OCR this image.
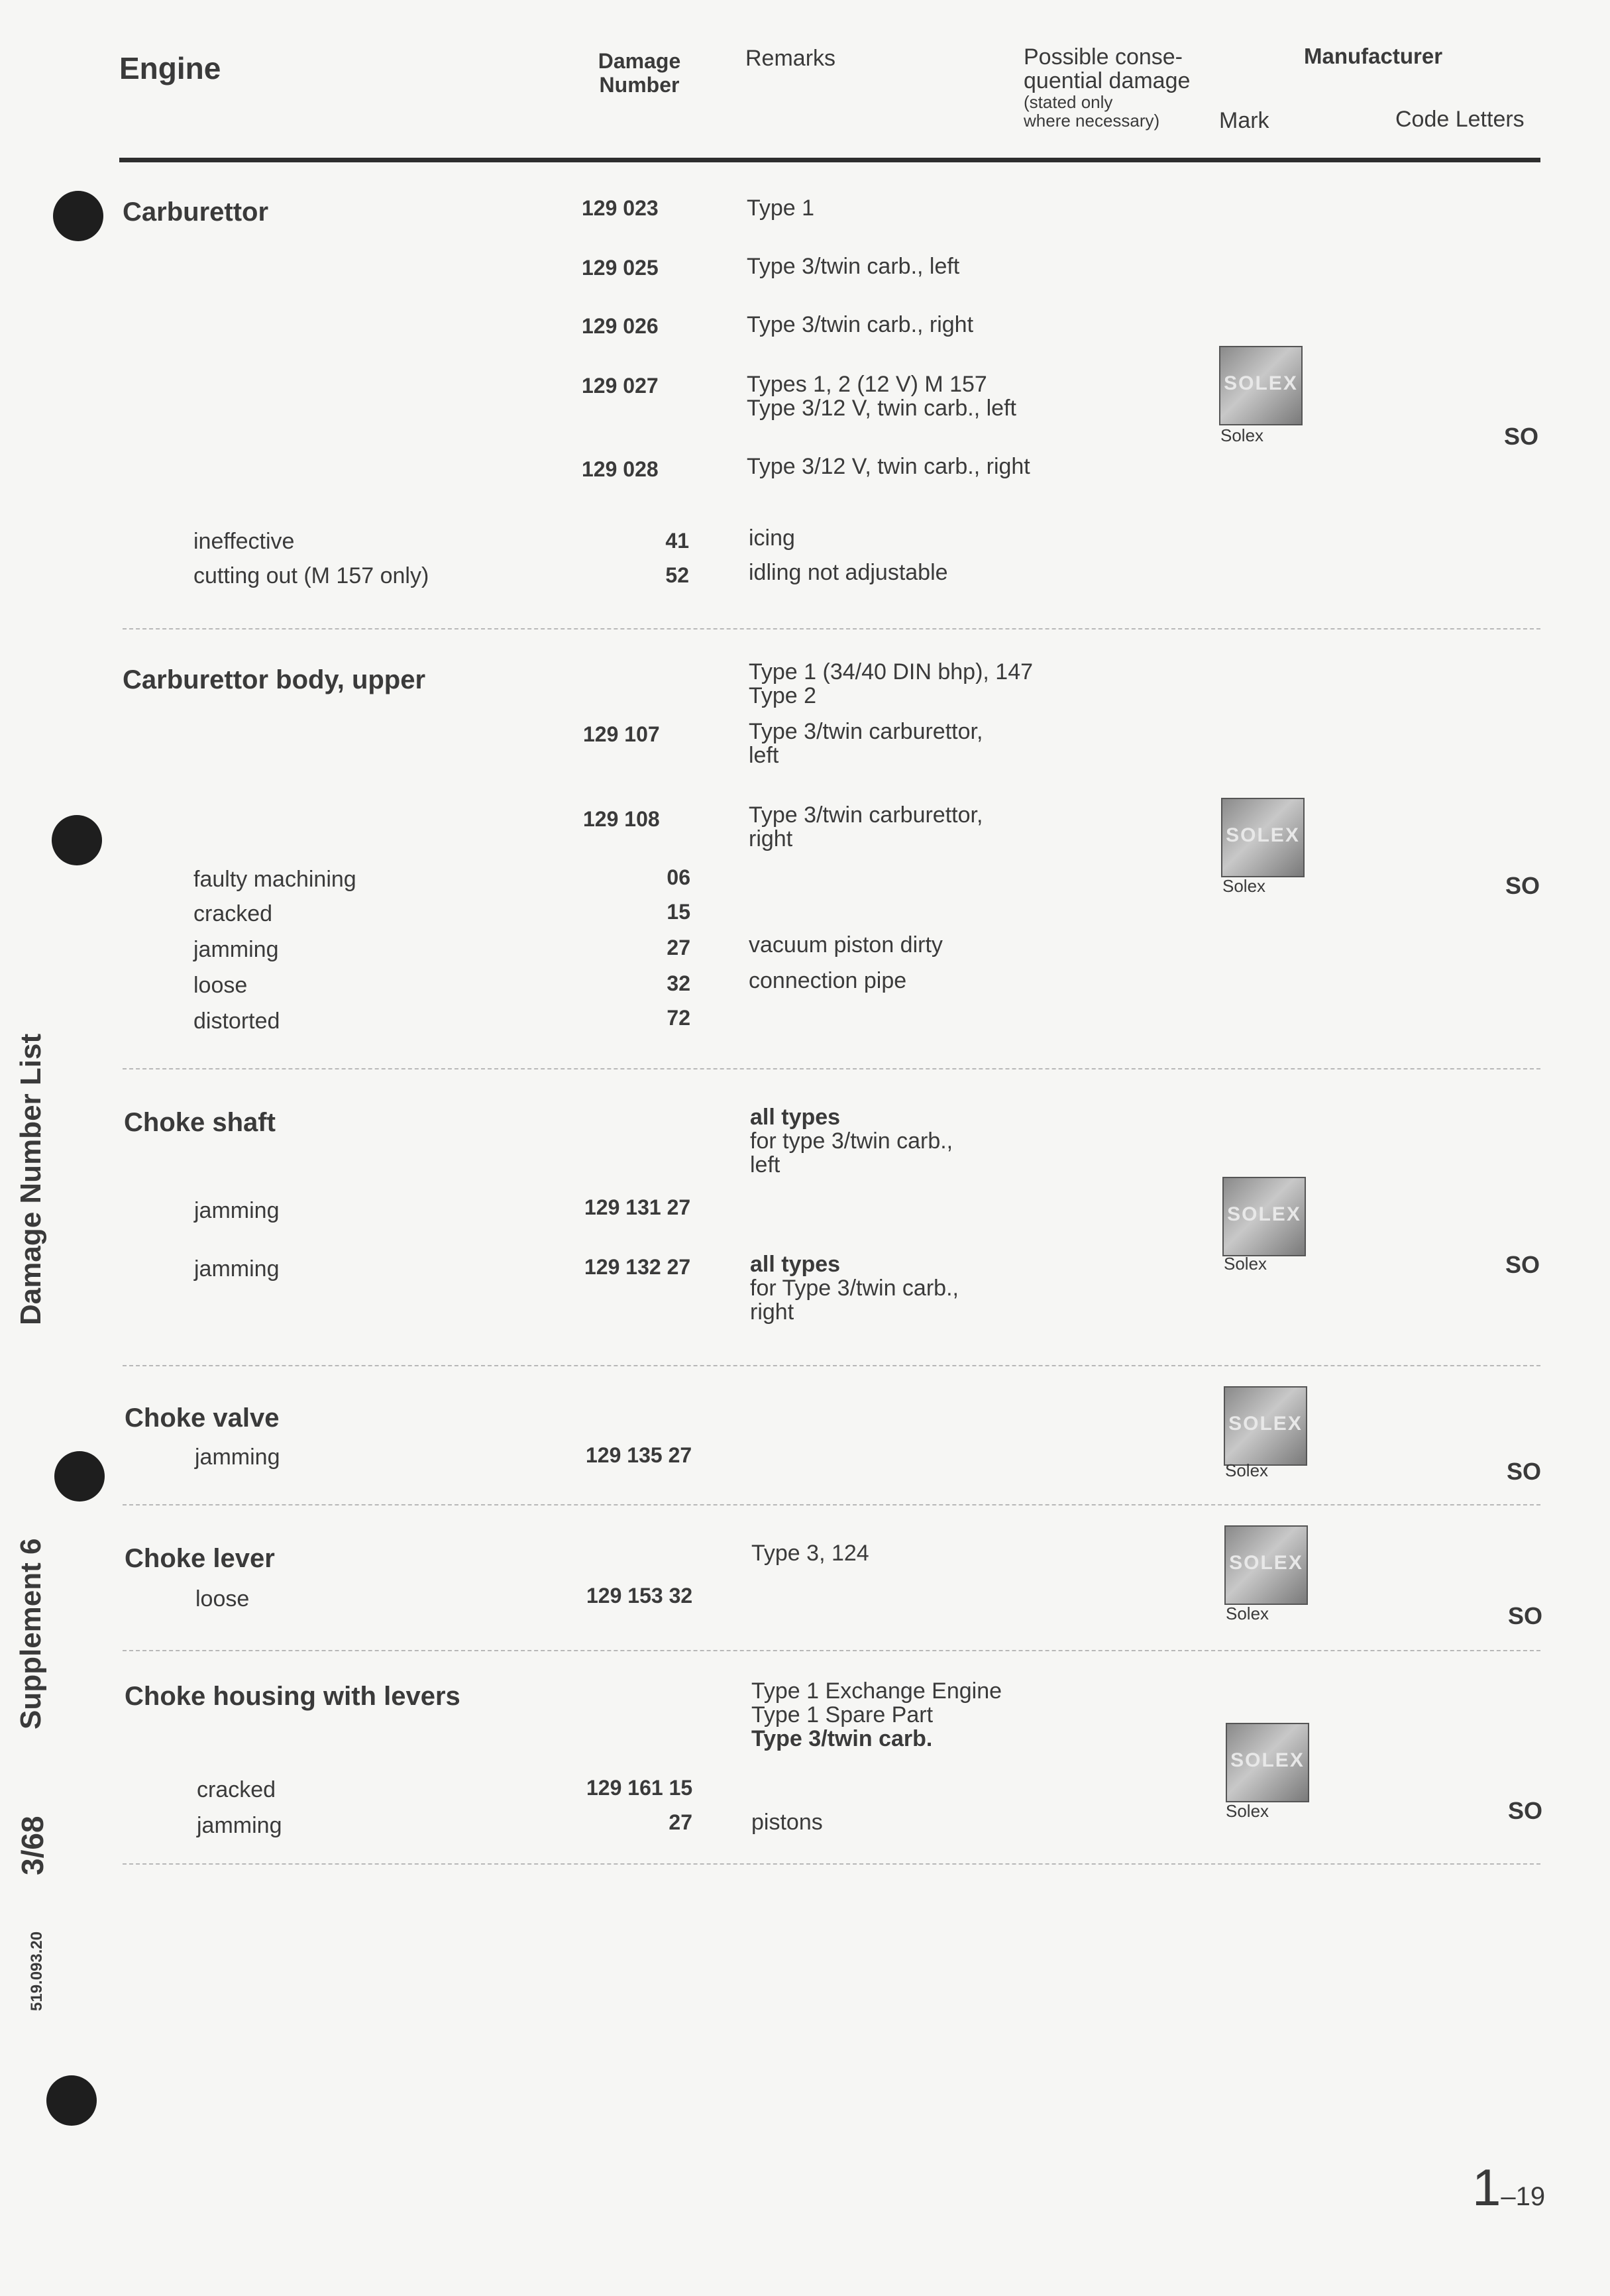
Engine	Damage
Number
Remarks	Possible conse-
quential damage
(stated only
where necessary)
Manufacturer
Mark	Code Letters
Damage Number List
Supplement 6
3/68
519.093.20
Carburettor	129 023	Type 1
129 025	Type 3/twin carb., left
129 026	Type 3/twin carb., right
129 027	Types 1, 2 (12 V) M 157
Type 3/12 V, twin carb., left
129 028	Type 3/12 V, twin carb., right
SOLEX
Solex	SO
ineffective	41	icing
cutting out (M 157 only)	52	idling not adjustable
Carburettor body, upper	Type 1 (34/40 DIN bhp), 147
Type 2
129 107	Type 3/twin carburettor,
left
129 108	Type 3/twin carburettor,
right	SOLEX
Solex	SO
faulty machining	06
cracked	15
jamming	27	vacuum piston dirty
loose	32	connection pipe
distorted	72
Choke shaft	all types
for type 3/twin carb.,
left
jamming	129 131 27	SOLEX
Solex	SO
jamming	129 132 27	all types
for Type 3/twin carb.,
right
Choke valve
jamming	129 135 27
SOLEX
Solex	SO
Choke lever	Type 3, 124
loose	129 153 32
SOLEX
Solex	SO
Choke housing with levers	Type 1 Exchange Engine
Type 1 Spare Part
Type 3/twin carb.
SOLEX
Solex	SO
cracked	129 161 15
jamming	27	pistons
1–19
